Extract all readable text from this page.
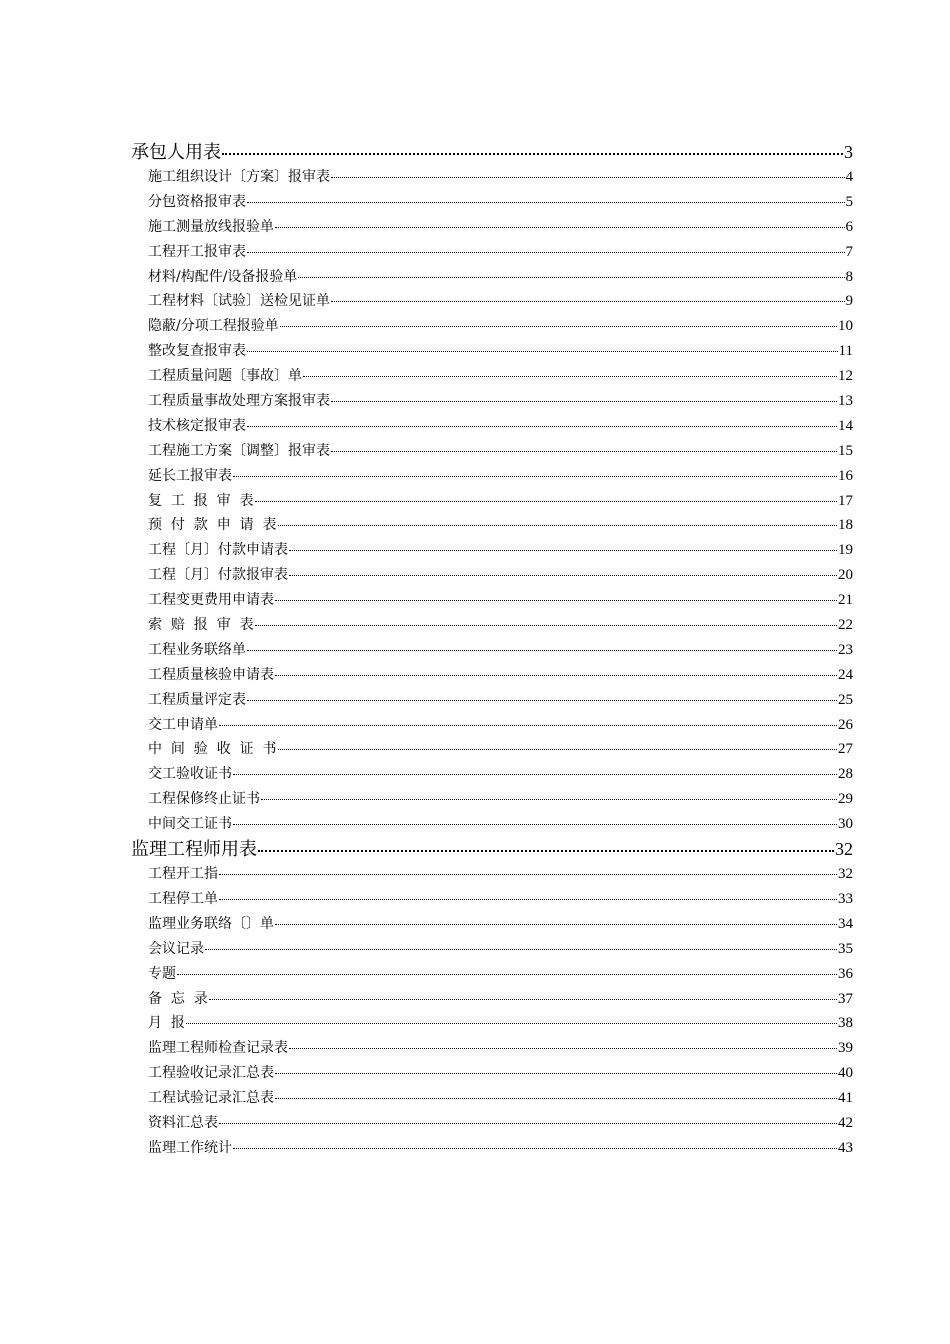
承包人用表	3
施工组织设计〔方案〕报审表	4
分包资格报审表	5
施工测量放线报验单	6
工程开工报审表	7
材料/构配件/设备报验单	8
工程材料〔试验〕送检见证单	9
隐蔽/分项工程报验单	10
整改复查报审表	11
工程质量问题〔事故〕单	12
工程质量事故处理方案报审表	13
技术核定报审表	14
工程施工方案〔调整〕报审表	15
延长工报审表	16
复  工  报  审  表	17
预  付  款  申  请  表	18
工程〔月〕付款申请表	19
工程〔月〕付款报审表	20
工程变更费用申请表	21
索  赔  报  审  表	22
工程业务联络单	23
工程质量核验申请表	24
工程质量评定表	25
交工申请单	26
中  间  验  收  证  书	27
交工验收证书	28
工程保修终止证书	29
中间交工证书	30
监理工程师用表	32
工程开工指	32
工程停工单	33
监理业务联络〔〕单	34
会议记录	35
专题	36
备  忘  录	37
月  报	38
监理工程师检查记录表	39
工程验收记录汇总表	40
工程试验记录汇总表	41
资料汇总表	42
监理工作统计	43
